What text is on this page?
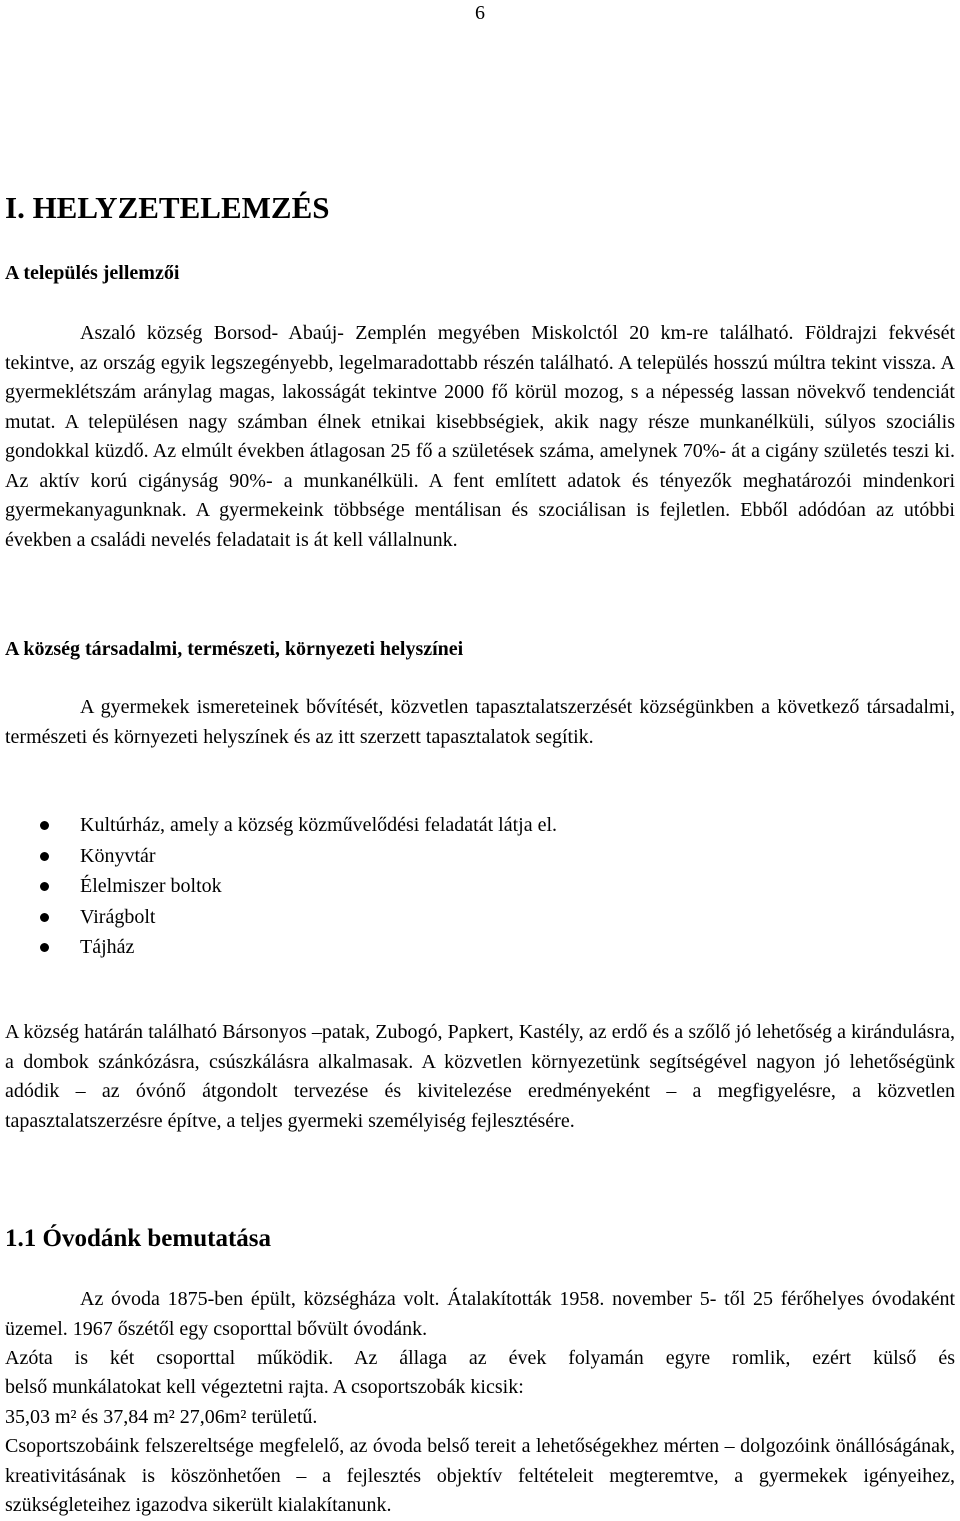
6
I. HELYZETELEMZÉS
A település jellemzői

Aszaló község Borsod- Abaúj- Zemplén megyében Miskolctól 20 km-re található. Földrajzi fekvését tekintve, az ország egyik legszegényebb, legelmaradottabb részén található. A település hosszú múltra tekint vissza. A gyermeklétszám aránylag magas, lakosságát tekintve 2000 fő körül mozog, s a népesség lassan növekvő tendenciát mutat. A településen nagy számban élnek etnikai kisebbségiek, akik nagy része munkanélküli, súlyos szociális gondokkal küzdő. Az elmúlt években átlagosan 25 fő a születések száma, amelynek 70%- át a cigány születés teszi ki. Az aktív korú cigányság 90%- a munkanélküli. A fent említett adatok és tényezők meghatározói mindenkori gyermekanyagunknak. A gyermekeink többsége mentálisan és szociálisan is fejletlen. Ebből adódóan az utóbbi években a családi nevelés feladatait is át kell vállalnunk.

A község társadalmi, természeti, környezeti helyszínei

A gyermekek ismereteinek bővítését, közvetlen tapasztalatszerzését községünkben a következő társadalmi, természeti és környezeti helyszínek és az itt szerzett tapasztalatok segítik.

Kultúrház, amely a község közművelődési feladatát látja el.
Könyvtár
Élelmiszer boltok
Virágbolt
Tájház

A község határán található Bársonyos –patak, Zubogó, Papkert, Kastély, az erdő és a szőlő jó lehetőség a kirándulásra, a dombok szánkózásra, csúszkálásra alkalmasak. A közvetlen környezetünk segítségével nagyon jó lehetőségünk adódik – az óvónő átgondolt tervezése és kivitelezése eredményeként – a megfigyelésre, a közvetlen tapasztalatszerzésre építve, a teljes gyermeki személyiség fejlesztésére.

1.1 Óvodánk bemutatása

Az óvoda 1875-ben épült, községháza volt. Átalakították 1958. november 5- től 25 férőhelyes óvodaként üzemel. 1967 őszétől egy csoporttal bővült óvodánk.

Azóta is két csoporttal működik. Az állaga az évek folyamán egyre romlik, ezért külső és

belső munkálatokat kell végeztetni rajta. A csoportszobák kicsik:

35,03 m² és 37,84 m² 27,06m² területű.

Csoportszobáink felszereltsége megfelelő, az óvoda belső tereit a lehetőségekhez mérten – dolgozóink önállóságának, kreativitásának is köszönhetően – a fejlesztés objektív feltételeit megteremtve, a gyermekek igényeihez, szükségleteihez igazodva sikerült kialakítanunk.
